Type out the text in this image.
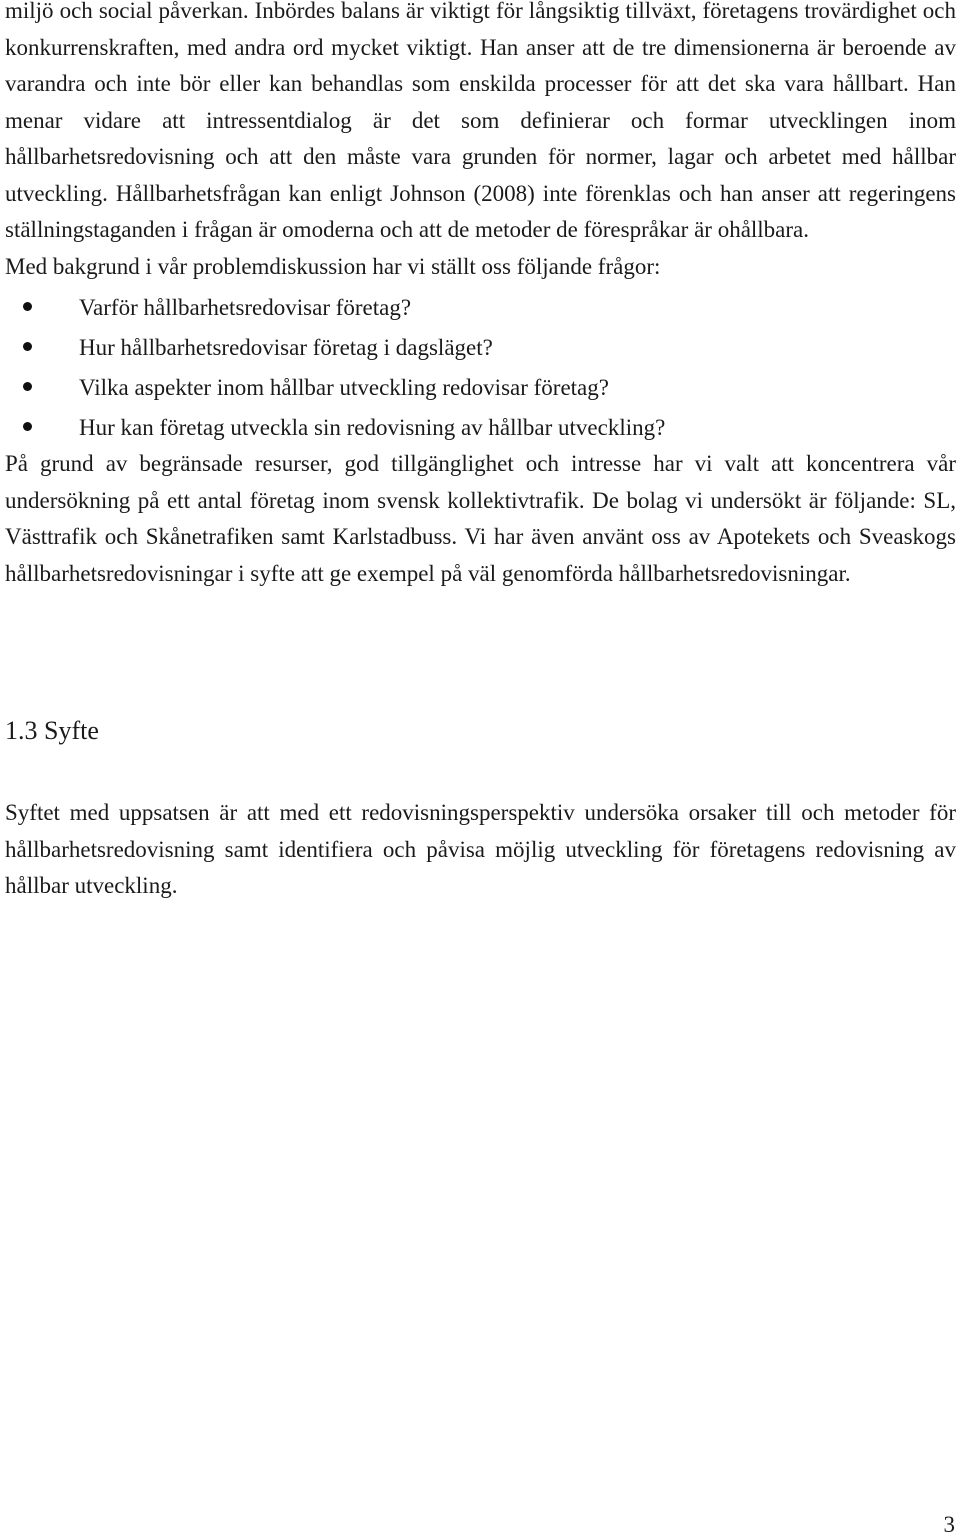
miljö och social påverkan. Inbördes balans är viktigt för långsiktig tillväxt, företagens trovärdighet och konkurrenskraften, med andra ord mycket viktigt. Han anser att de tre dimensionerna är beroende av varandra och inte bör eller kan behandlas som enskilda processer för att det ska vara hållbart. Han menar vidare att intressentdialog är det som definierar och formar utvecklingen inom hållbarhetsredovisning och att den måste vara grunden för normer, lagar och arbetet med hållbar utveckling. Hållbarhetsfrågan kan enligt Johnson (2008) inte förenklas och han anser att regeringens ställningstaganden i frågan är omoderna och att de metoder de förespråkar är ohållbara.

Med bakgrund i vår problemdiskussion har vi ställt oss följande frågor:

Varför hållbarhetsredovisar företag?
Hur hållbarhetsredovisar företag i dagsläget?
Vilka aspekter inom hållbar utveckling redovisar företag?
Hur kan företag utveckla sin redovisning av hållbar utveckling?

På grund av begränsade resurser, god tillgänglighet och intresse har vi valt att koncentrera vår undersökning på ett antal företag inom svensk kollektivtrafik. De bolag vi undersökt är följande: SL, Västtrafik och Skånetrafiken samt Karlstadbuss. Vi har även använt oss av Apotekets och Sveaskogs hållbarhetsredovisningar i syfte att ge exempel på väl genomförda hållbarhetsredovisningar.

1.3 Syfte

Syftet med uppsatsen är att med ett redovisningsperspektiv undersöka orsaker till och metoder för hållbarhetsredovisning samt identifiera och påvisa möjlig utveckling för företagens redovisning av hållbar utveckling.

3
